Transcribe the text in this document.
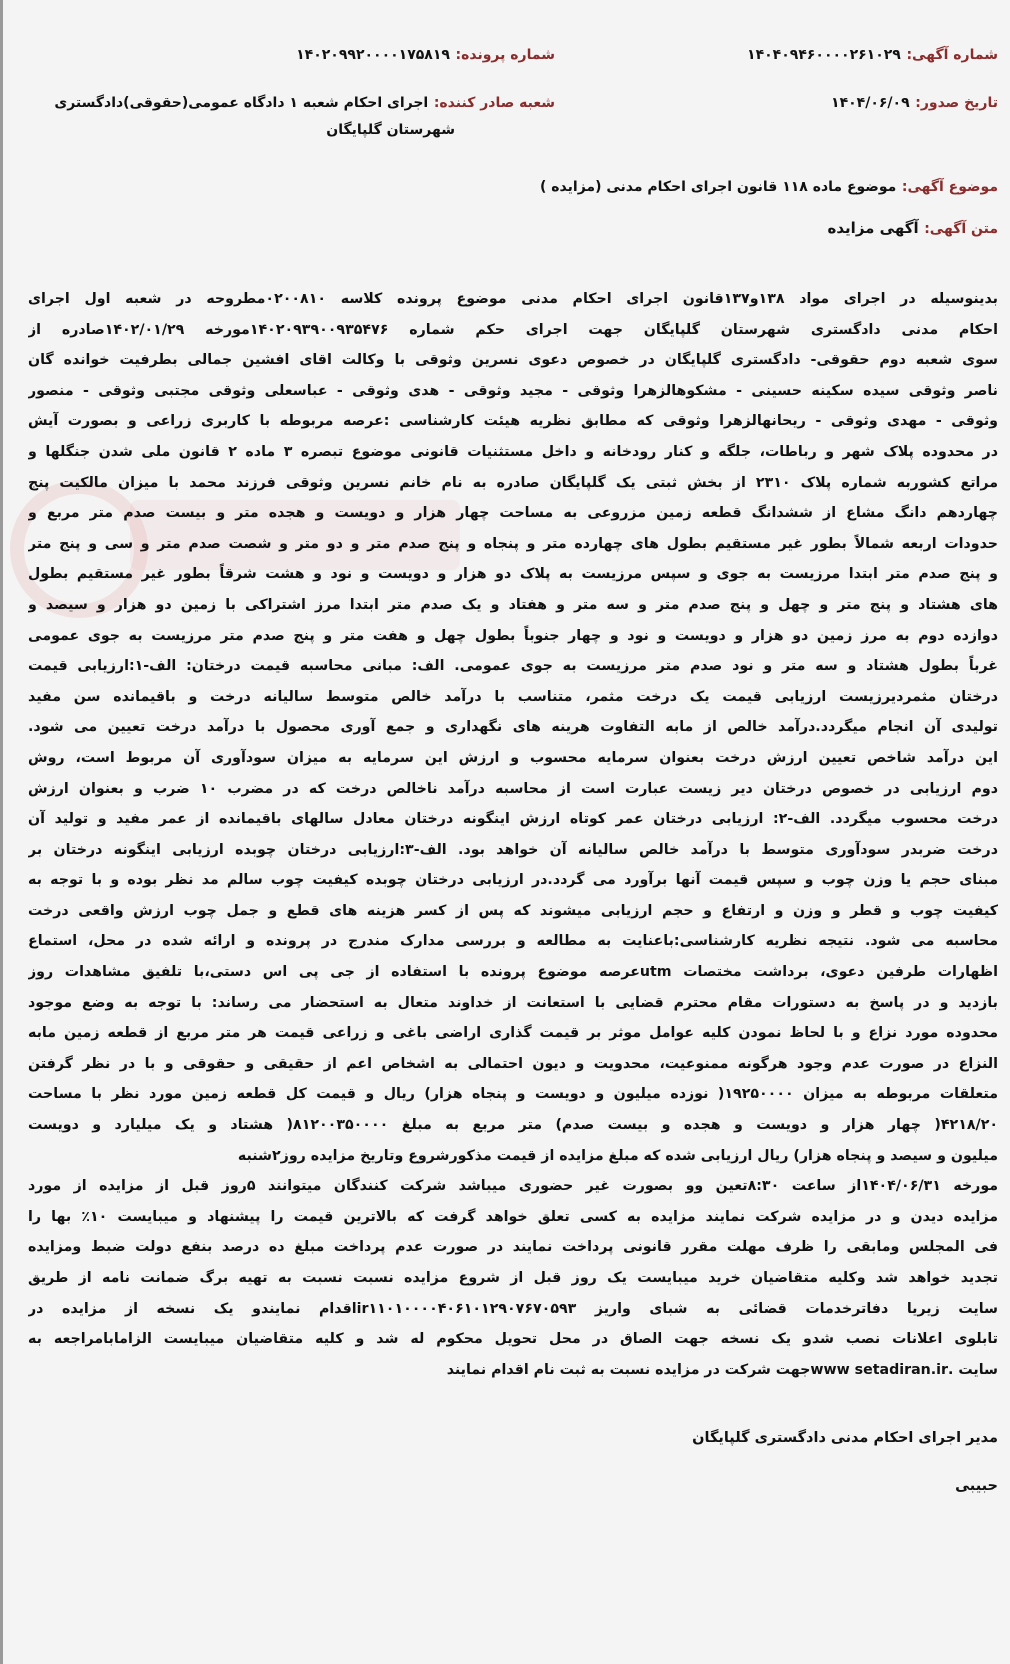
شماره آگهی: ۱۴۰۴۰۹۴۶۰۰۰۰۲۶۱۰۲۹
شماره پرونده: ۱۴۰۲۰۹۹۲۰۰۰۰۱۷۵۸۱۹
تاریخ صدور: ۱۴۰۴/۰۶/۰۹
شعبه صادر کننده: اجرای احکام شعبه ۱ دادگاه عمومی(حقوقی)دادگستری
شهرستان گلپایگان
موضوع آگهی: موضوع ماده ۱۱۸ قانون اجرای احکام مدنی (مزایده )
متن آگهی: آگهی مزایده
بدینوسیله در اجرای مواد ۱۳۸و۱۳۷قانون اجرای احکام مدنی موضوع پرونده کلاسه ۰۲۰۰۸۱۰مطروحه در شعبه اول اجرای
احکام مدنی دادگستری شهرستان گلپایگان جهت اجرای حکم شماره ۱۴۰۲۰۹۳۹۰۰۹۳۵۴۷۶مورخه ۱۴۰۲/۰۱/۲۹صادره از
سوی شعبه دوم حقوقی- دادگستری گلپایگان در خصوص دعوی نسرین وثوقی با وکالت اقای افشین جمالی بطرفیت خوانده گان
ناصر وثوقی سیده سکینه حسینی - مشکوهالزهرا وثوقی - مجید وثوقی - هدی وثوقی - عباسعلی وثوقی مجتبی وثوقی - منصور
وثوقی - مهدی وثوقی - ریحانهالزهرا وثوقی که مطابق نظریه هیئت کارشناسی :عرصه مربوطه با کاربری زراعی و بصورت آیش
در محدوده پلاک شهر و رباطات، جلگه و کنار رودخانه و داخل مستثنیات قانونی موضوع تبصره ۳ ماده ۲ قانون ملی شدن جنگلها و
مراتع کشوربه شماره پلاک ۲۳۱۰ از بخش ثبتی یک گلپایگان صادره به نام خانم نسرین وثوقی فرزند محمد با میزان مالکیت پنج
چهاردهم دانگ مشاع از ششدانگ قطعه زمین مزروعی به مساحت چهار هزار و دویست و هجده متر و بیست صدم متر مربع و
حدودات اربعه شمالاً بطور غیر مستقیم بطول های چهارده متر و پنجاه و پنج صدم متر و دو متر و شصت صدم متر و سی و پنج متر
و پنج صدم متر ابتدا مرزیست به جوی و سپس مرزیست به پلاک دو هزار و دویست و نود و هشت شرقاً بطور غیر مستقیم بطول
های هشتاد و پنج متر و چهل و پنج صدم متر و سه متر و هفتاد و یک صدم متر ابتدا مرز اشتراکی با زمین دو هزار و سیصد و
دوازده دوم به مرز زمین دو هزار و دویست و نود و چهار جنوباً بطول چهل و هفت متر و پنج صدم متر مرزیست به جوی عمومی
غرباً بطول هشتاد و سه متر و نود صدم متر مرزیست به جوی عمومی. الف: مبانی محاسبه قیمت درختان: الف-۱:ارزیابی قیمت
درختان مثمردیرزیست ارزیابی قیمت یک درخت مثمر، متناسب با درآمد خالص متوسط سالیانه درخت و باقیمانده سن مفید
تولیدی آن انجام میگردد.درآمد خالص از مابه التفاوت هرینه های نگهداری و جمع آوری محصول با درآمد درخت تعیین می شود.
این درآمد شاخص تعیین ارزش درخت بعنوان سرمایه محسوب و ارزش این سرمایه به میزان سودآوری آن مربوط است، روش
دوم ارزیابی در خصوص درختان دیر زیست عبارت است از محاسبه درآمد ناخالص درخت که در مضرب ۱۰ ضرب و بعنوان ارزش
درخت محسوب میگردد. الف-۲: ارزیابی درختان عمر کوتاه ارزش اینگونه درختان معادل سالهای باقیمانده از عمر مفید و تولید آن
درخت ضربدر سودآوری متوسط با درآمد خالص سالیانه آن خواهد بود. الف-۳:ارزیابی درختان چوبده ارزیابی اینگونه درختان بر
مبنای حجم یا وزن چوب و سپس قیمت آنها برآورد می گردد.در ارزیابی درختان چوبده کیفیت چوب سالم مد نظر بوده و با توجه به
کیفیت چوب و قطر و وزن و ارتفاع و حجم ارزیابی میشوند که پس از کسر هزینه های قطع و جمل چوب ارزش واقعی درخت
محاسبه می شود. نتیجه نظریه کارشناسی:باعنایت به مطالعه و بررسی مدارک مندرج در پرونده و ارائه شده در محل، استماع
اظهارات طرفین دعوی، برداشت مختصات utmعرصه موضوع پرونده با استفاده از جی پی اس دستی،با تلفیق مشاهدات روز
بازدید و در پاسخ به دستورات مقام محترم قضایی با استعانت از خداوند متعال به استحضار می رساند: با توجه به وضع موجود
محدوده مورد نزاع و با لحاظ نمودن کلیه عوامل موثر بر قیمت گذاری اراضی باغی و زراعی قیمت هر متر مربع از قطعه زمین مابه
النزاع در صورت عدم وجود هرگونه ممنوعیت، محدویت و دیون احتمالی به اشخاص اعم از حقیقی و حقوقی و با در نظر گرفتن
متعلقات مربوطه به میزان ۱۹۲۵۰۰۰۰( نوزده میلیون و دویست و پنجاه هزار) ریال و قیمت کل قطعه زمین مورد نظر با مساحت
۴۲۱۸/۲۰( چهار هزار و دویست و هجده و بیست صدم) متر مربع به مبلغ ۸۱۲۰۰۳۵۰۰۰۰( هشتاد و یک میلیارد و دویست
میلیون و سیصد و پنجاه هزار) ریال ارزیابی شده که مبلغ مزایده از قیمت مذکورشروع وتاریخ مزایده روز۲شنبه
مورخه ۱۴۰۴/۰۶/۳۱از ساعت ۸:۳۰تعین وو بصورت غیر حضوری میباشد شرکت کنندگان میتوانند ۵روز قبل از مزایده از مورد
مزایده دیدن و در مزایده شرکت نمایند مزایده به کسی تعلق خواهد گرفت که بالاترین قیمت را پیشنهاد و میبایست ۱۰٪ بها را
فی المجلس ومابقی را ظرف مهلت مقرر قانونی پرداخت نمایند در صورت عدم پرداخت مبلغ ده درصد بنفع دولت ضبط ومزایده
تجدید خواهد شد وکلیه متقاضیان خرید میبایست یک روز قبل از شروع مزایده نسبت نسبت به تهیه برگ ضمانت نامه از طریق
سایت زیریا دفاترخدمات قضائی به شبای واریز ir۱۱۰۱۰۰۰۰۴۰۶۱۰۱۲۹۰۷۶۷۰۵۹۳اقدام نمایندو یک نسخه از مزایده در
تابلوی اعلانات نصب شدو یک نسخه جهت الصاق در محل تحویل محکوم له شد و کلیه متقاضیان میبایست الزامابامراجعه به
سایت .www setadiran.irجهت شرکت در مزایده نسبت به ثبت نام اقدام نمایند
مدیر اجرای احکام مدنی دادگستری گلپایگان
حبیبی
